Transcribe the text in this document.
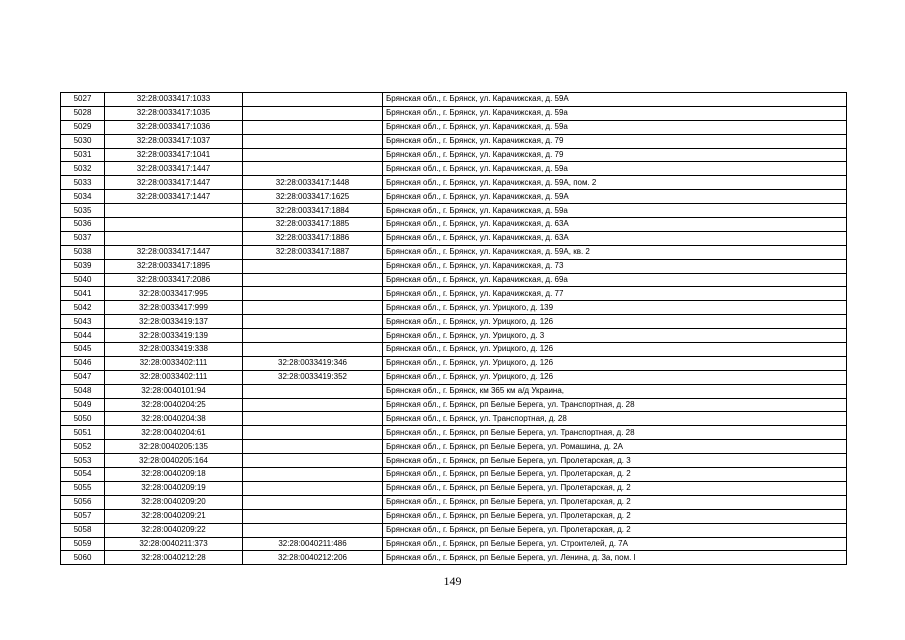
5027	32:28:0033417:1033		Брянская обл., г. Брянск, ул. Карачижская, д. 59А
5028	32:28:0033417:1035		Брянская обл., г. Брянск, ул. Карачижская, д. 59а
5029	32:28:0033417:1036		Брянская обл., г. Брянск, ул. Карачижская, д. 59а
5030	32:28:0033417:1037		Брянская обл., г. Брянск, ул. Карачижская, д. 79
5031	32:28:0033417:1041		Брянская обл., г. Брянск, ул. Карачижская, д. 79
5032	32:28:0033417:1447		Брянская обл., г. Брянск, ул. Карачижская, д. 59а
5033	32:28:0033417:1447	32:28:0033417:1448	Брянская обл., г. Брянск, ул. Карачижская, д. 59А, пом. 2
5034	32:28:0033417:1447	32:28:0033417:1625	Брянская обл., г. Брянск, ул. Карачижская, д. 59А
5035		32:28:0033417:1884	Брянская обл., г. Брянск, ул. Карачижская, д. 59а
5036		32:28:0033417:1885	Брянская обл., г. Брянск, ул. Карачижская, д. 63А
5037		32:28:0033417:1886	Брянская обл., г. Брянск, ул. Карачижская, д. 63А
5038	32:28:0033417:1447	32:28:0033417:1887	Брянская обл., г. Брянск, ул. Карачижская, д. 59А, кв. 2
5039	32:28:0033417:1895		Брянская обл., г. Брянск, ул. Карачижская, д. 73
5040	32:28:0033417:2086		Брянская обл., г. Брянск, ул. Карачижская, д. 69а
5041	32:28:0033417:995		Брянская обл., г. Брянск, ул. Карачижская, д. 77
5042	32:28:0033417:999		Брянская обл., г. Брянск, ул. Урицкого, д. 139
5043	32:28:0033419:137		Брянская обл., г. Брянск, ул. Урицкого, д. 126
5044	32:28:0033419:139		Брянская обл., г. Брянск, ул. Урицкого, д. 3
5045	32:28:0033419:338		Брянская обл., г. Брянск, ул. Урицкого, д. 126
5046	32:28:0033402:111	32:28:0033419:346	Брянская обл., г. Брянск, ул. Урицкого, д. 126
5047	32:28:0033402:111	32:28:0033419:352	Брянская обл., г. Брянск, ул. Урицкого, д. 126
5048	32:28:0040101:94		Брянская обл., г. Брянск, км 365 км а/д Украина,
5049	32:28:0040204:25		Брянская обл., г. Брянск, рп Белые Берега, ул. Транспортная, д. 28
5050	32:28:0040204:38		Брянская обл., г. Брянск, ул. Транспортная, д. 28
5051	32:28:0040204:61		Брянская обл., г. Брянск, рп Белые Берега, ул. Транспортная, д. 28
5052	32:28:0040205:135		Брянская обл., г. Брянск, рп Белые Берега, ул. Ромашина, д. 2А
5053	32:28:0040205:164		Брянская обл., г. Брянск, рп Белые Берега, ул. Пролетарская, д. 3
5054	32:28:0040209:18		Брянская обл., г. Брянск, рп Белые Берега, ул. Пролетарская, д. 2
5055	32:28:0040209:19		Брянская обл., г. Брянск, рп Белые Берега, ул. Пролетарская, д. 2
5056	32:28:0040209:20		Брянская обл., г. Брянск, рп Белые Берега, ул. Пролетарская, д. 2
5057	32:28:0040209:21		Брянская обл., г. Брянск, рп Белые Берега, ул. Пролетарская, д. 2
5058	32:28:0040209:22		Брянская обл., г. Брянск, рп Белые Берега, ул. Пролетарская, д. 2
5059	32:28:0040211:373	32:28:0040211:486	Брянская обл., г. Брянск, рп Белые Берега, ул. Строителей, д. 7А
5060	32:28:0040212:28	32:28:0040212:206	Брянская обл., г. Брянск, рп Белые Берега, ул. Ленина, д. 3а, пом. I
149
